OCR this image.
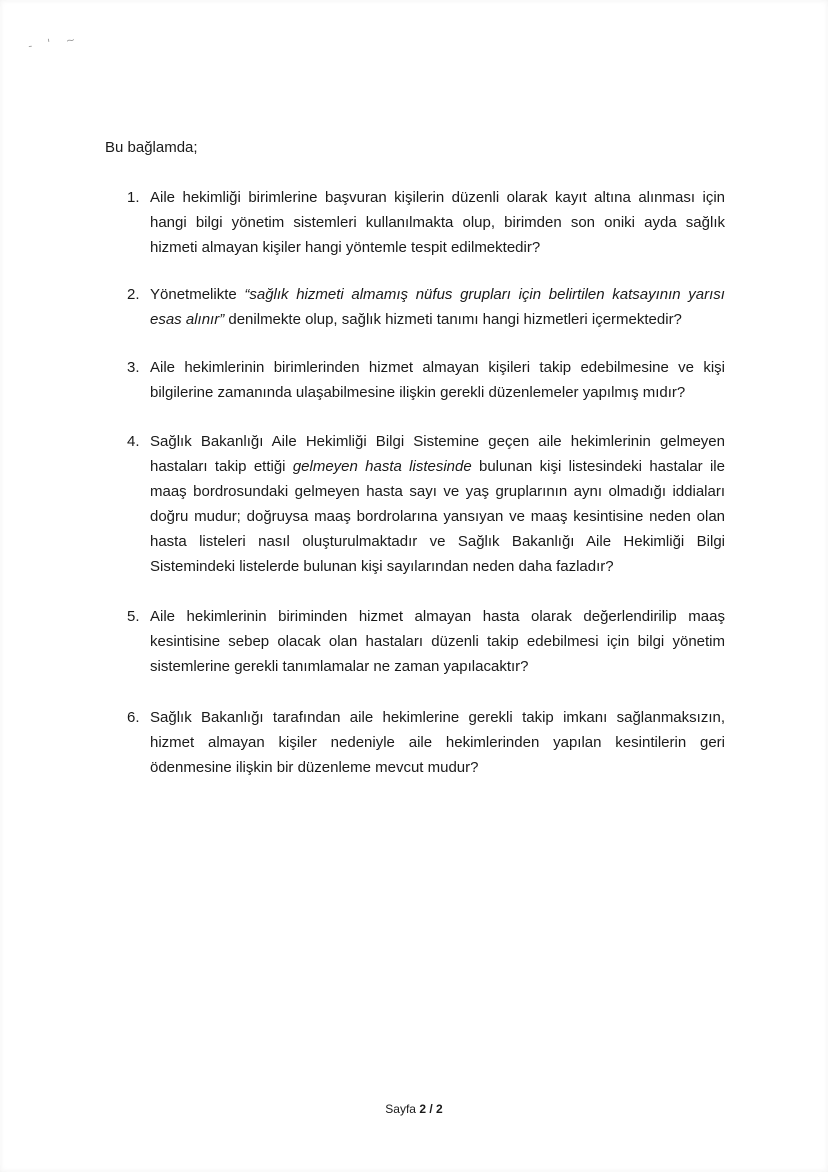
- ' ~
Bu bağlamda;
1. Aile hekimliği birimlerine başvuran kişilerin düzenli olarak kayıt altına alınması için hangi bilgi yönetim sistemleri kullanılmakta olup, birimden son oniki ayda sağlık hizmeti almayan kişiler hangi yöntemle tespit edilmektedir?
2. Yönetmelikte “sağlık hizmeti almamış nüfus grupları için belirtilen katsayının yarısı esas alınır” denilmekte olup, sağlık hizmeti tanımı hangi hizmetleri içermektedir?
3. Aile hekimlerinin birimlerinden hizmet almayan kişileri takip edebilmesine ve kişi bilgilerine zamanında ulaşabilmesine ilişkin gerekli düzenlemeler yapılmış mıdır?
4. Sağlık Bakanlığı Aile Hekimliği Bilgi Sistemine geçen aile hekimlerinin gelmeyen hastaları takip ettiği gelmeyen hasta listesinde bulunan kişi listesindeki hastalar ile maaş bordrosundaki gelmeyen hasta sayı ve yaş gruplarının aynı olmadığı iddiaları doğru mudur; doğruysa maaş bordrolarına yansıyan ve maaş kesintisine neden olan hasta listeleri nasıl oluşturulmaktadır ve Sağlık Bakanlığı Aile Hekimliği Bilgi Sistemindeki listelerde bulunan kişi sayılarından neden daha fazladır?
5. Aile hekimlerinin biriminden hizmet almayan hasta olarak değerlendirilip maaş kesintisine sebep olacak olan hastaları düzenli takip edebilmesi için bilgi yönetim sistemlerine gerekli tanımlamalar ne zaman yapılacaktır?
6. Sağlık Bakanlığı tarafından aile hekimlerine gerekli takip imkanı sağlanmaksızın, hizmet almayan kişiler nedeniyle aile hekimlerinden yapılan kesintilerin geri ödenmesine ilişkin bir düzenleme mevcut mudur?
Sayfa 2 / 2
